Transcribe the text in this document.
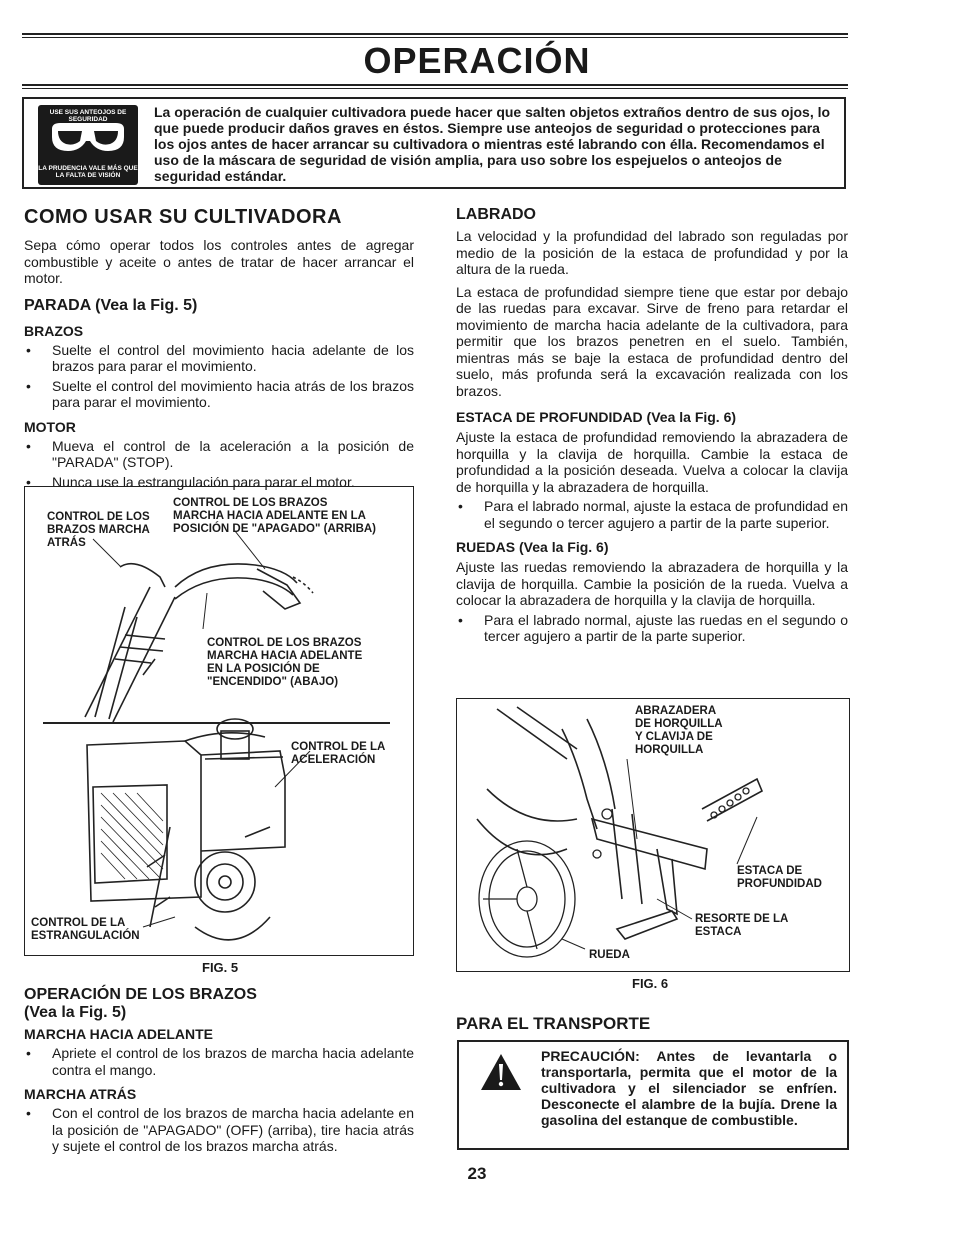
OPERACIÓN
USE SUS ANTEOJOS DE SEGURIDAD
LA PRUDENCIA VALE MÁS QUE LA FALTA DE VISIÓN
La operación de cualquier cultivadora puede hacer que salten objetos extraños dentro de sus ojos, lo que puede producir daños graves en éstos. Siempre use anteojos de seguridad o protecciones para los ojos antes de hacer arrancar su cultivadora o mientras esté labrando con élla. Recomendamos el uso de la máscara de seguridad de visión amplia, para uso sobre los espejuelos o anteojos de seguridad estándar.
COMO USAR SU CULTIVADORA

Sepa cómo operar todos los controles antes de agregar combustible y aceite o antes de tratar de hacer arrancar el motor.

PARADA (Vea la Fig. 5)
BRAZOS

• Suelte el control del movimiento hacia adelante de los brazos para parar el movimiento.

• Suelte el control del movimiento hacia atrás de los brazos para parar el movimiento.

MOTOR

• Mueva el control de la aceleración a la posición de "PARADA" (STOP).

• Nunca use la estrangulación para parar el motor.

CONTROL DE LOS
BRAZOS MARCHA
ATRÁS
CONTROL DE LOS BRAZOS
MARCHA HACIA ADELANTE EN LA
POSICIÓN DE "APAGADO" (ARRIBA)
CONTROL DE LOS BRAZOS
MARCHA HACIA ADELANTE
EN LA POSICIÓN DE
"ENCENDIDO" (ABAJO)
CONTROL DE LA
ACELERACIÓN
CONTROL DE LA
ESTRANGULACIÓN
FIG. 5
OPERACIÓN DE LOS BRAZOS
(Vea la Fig. 5)
MARCHA HACIA ADELANTE

• Apriete el control de los brazos de marcha hacia adelante contra el mango.

MARCHA ATRÁS

• Con el control de los brazos de marcha hacia adelante en la posición de "APAGADO" (OFF) (arriba), tire hacia atrás y sujete el control de los brazos marcha atrás.

LABRADO

La velocidad y la profundidad del labrado son reguladas por medio de la posición de la estaca de profundidad y por la altura de la rueda.

La estaca de profundidad siempre tiene que estar por debajo de las ruedas para excavar. Sirve de freno para retardar el movimiento de marcha hacia adelante de la cultivadora, para permitir que los brazos penetren en el suelo. También, mientras más se baje la estaca de profundidad dentro del suelo, más profunda será la excavación realizada con los brazos.

ESTACA DE PROFUNDIDAD (Vea la Fig. 6)

Ajuste la estaca de profundidad removiendo la abrazadera de horquilla y la clavija de horquilla. Cambie la estaca de profundidad a la posición deseada. Vuelva a colocar la clavija de horquilla y la abrazadera de horquilla.

• Para el labrado normal, ajuste la estaca de profundidad en el segundo o tercer agujero a partir de la parte superior.

RUEDAS (Vea la Fig. 6)

Ajuste las ruedas removiendo la abrazadera de horquilla y la clavija de horquilla. Cambie la posición de la rueda. Vuelva a colocar la abrazadera de horquilla y la clavija de horquilla.

• Para el labrado normal, ajuste las ruedas en el segundo o tercer agujero a partir de la parte superior.

ABRAZADERA
DE HORQUILLA
Y CLAVIJA DE
HORQUILLA
ESTACA DE
PROFUNDIDAD
RESORTE DE LA
ESTACA
RUEDA
FIG. 6
PARA EL TRANSPORTE
PRECAUCIÓN: Antes de levantarla o transportarla, permita que el motor de la cultivadora y el silenciador se enfríen. Desconecte el alambre de la bujía. Drene la gasolina del estanque de combustible.
23
